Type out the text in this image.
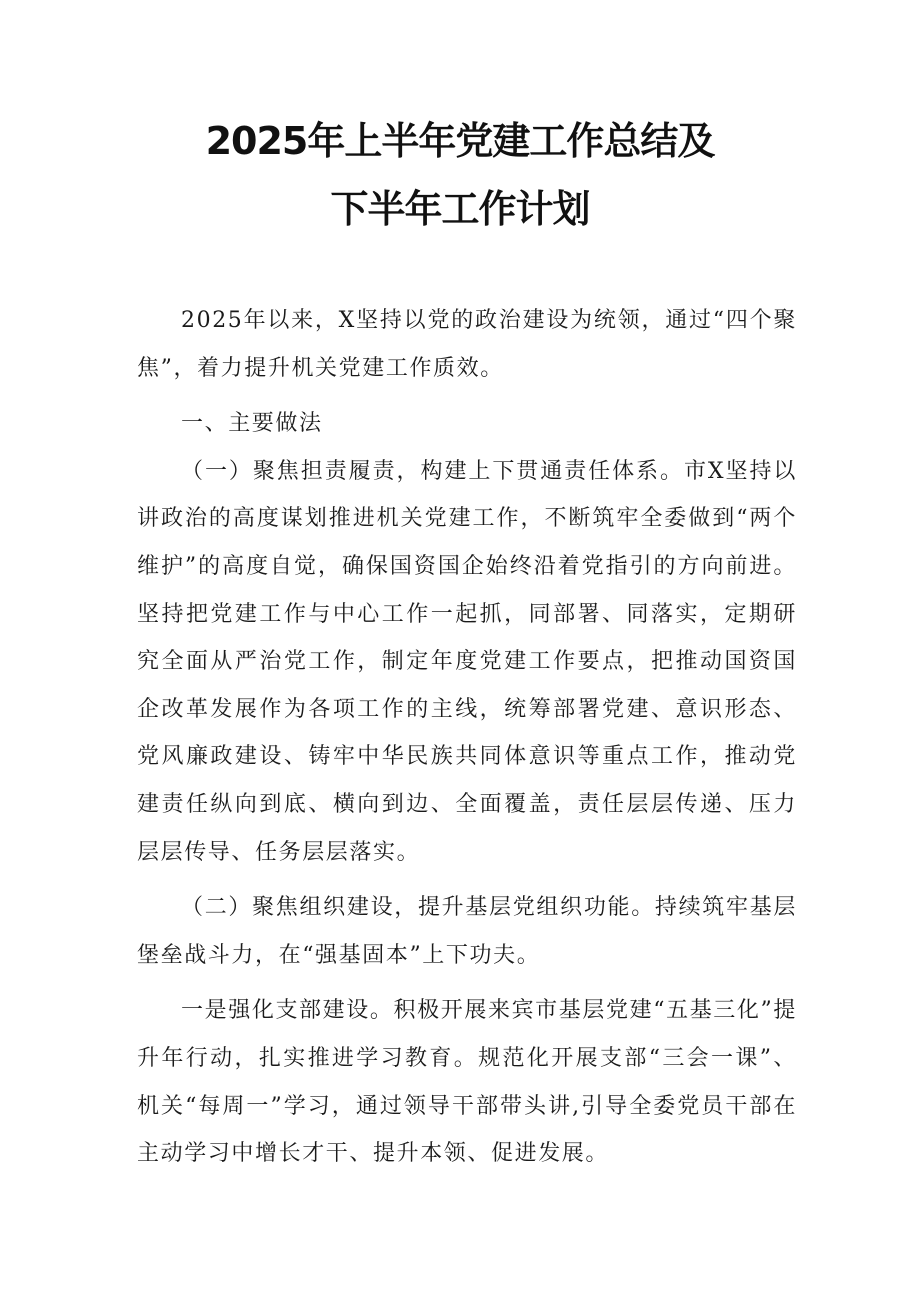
2025年上半年党建工作总结及
下半年工作计划

2025年以来，X坚持以党的政治建设为统领，通过“四个聚焦”，着力提升机关党建工作质效。

一、主要做法

（一）聚焦担责履责，构建上下贯通责任体系。市X坚持以讲政治的高度谋划推进机关党建工作，不断筑牢全委做到“两个维护”的高度自觉，确保国资国企始终沿着党指引的方向前进。坚持把党建工作与中心工作一起抓，同部署、同落实，定期研究全面从严治党工作，制定年度党建工作要点，把推动国资国企改革发展作为各项工作的主线，统筹部署党建、意识形态、党风廉政建设、铸牢中华民族共同体意识等重点工作，推动党建责任纵向到底、横向到边、全面覆盖，责任层层传递、压力层层传导、任务层层落实。

（二）聚焦组织建设，提升基层党组织功能。持续筑牢基层堡垒战斗力，在“强基固本”上下功夫。

一是强化支部建设。积极开展来宾市基层党建“五基三化”提升年行动，扎实推进学习教育。规范化开展支部“三会一课”、机关“每周一”学习，通过领导干部带头讲,引导全委党员干部在主动学习中增长才干、提升本领、促进发展。
